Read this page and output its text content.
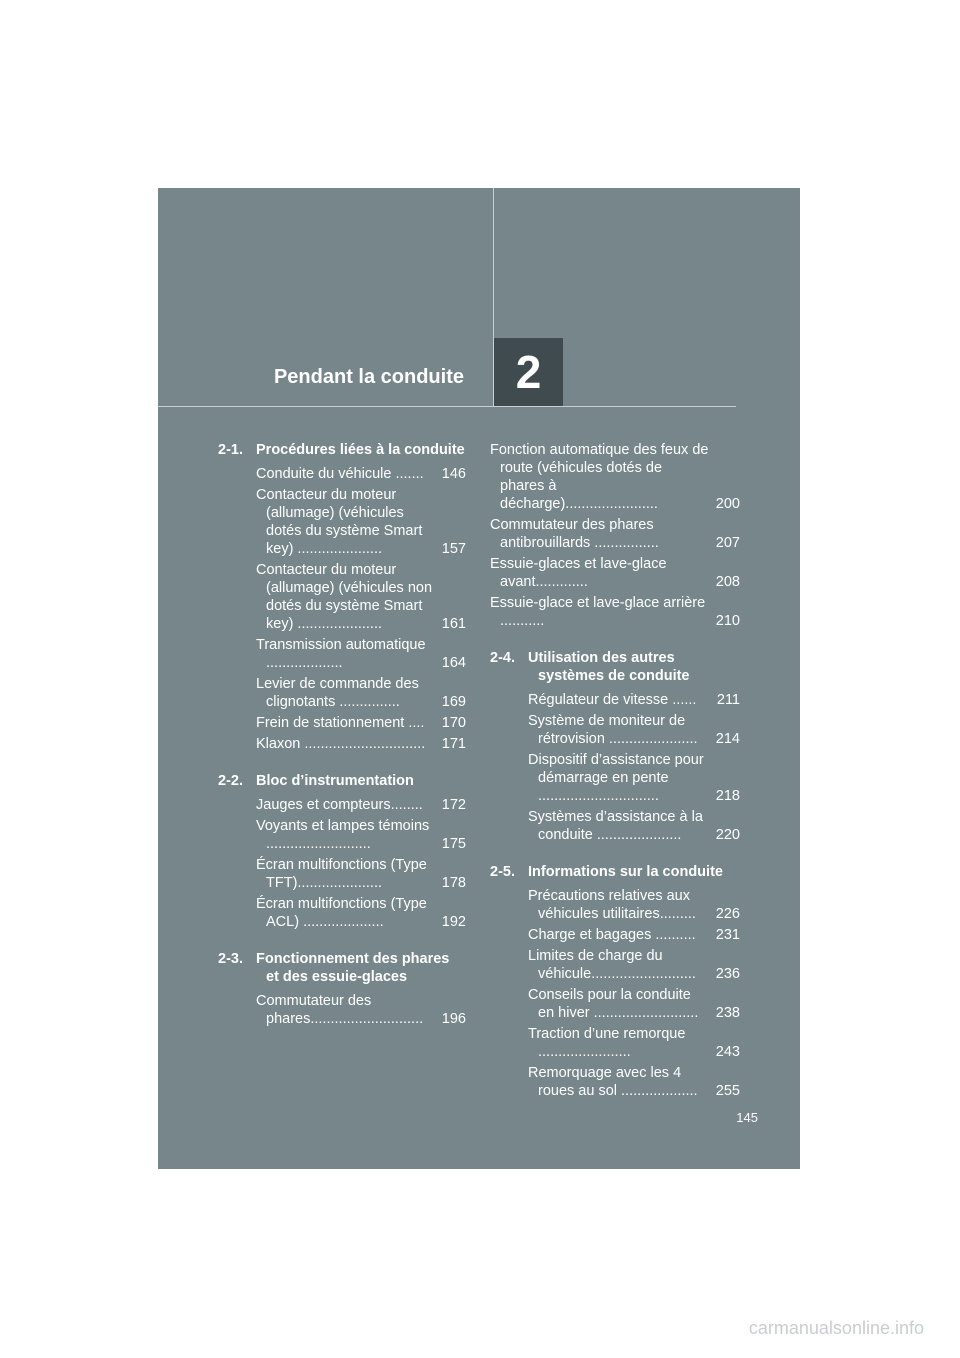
Pendant la conduite 2
2-1. Procédures liées à la conduite
Conduite du véhicule .......	146
Contacteur du moteur (allumage) (véhicules dotés du système Smart key) .....................	157
Contacteur du moteur (allumage) (véhicules non dotés du système Smart key) .....................	161
Transmission automatique ...................	164
Levier de commande des clignotants ...............	169
Frein de stationnement ....	170
Klaxon ..............................	171
2-2. Bloc d’instrumentation
Jauges et compteurs........	172
Voyants et lampes témoins ..........................	175
Écran multifonctions (Type TFT).....................	178
Écran multifonctions (Type ACL) ....................	192
2-3. Fonctionnement des phares et des essuie-glaces
Commutateur des phares............................	196
Fonction automatique des feux de route (véhicules dotés de phares à décharge).......................	200
Commutateur des phares antibrouillards ................	207
Essuie-glaces et lave-glace avant.............	208
Essuie-glace et lave-glace arrière ...........	210
2-4. Utilisation des autres systèmes de conduite
Régulateur de vitesse ......	211
Système de moniteur de rétrovision ......................	214
Dispositif d’assistance pour démarrage en pente ..............................	218
Systèmes d’assistance à la conduite .....................	220
2-5. Informations sur la conduite
Précautions relatives aux véhicules utilitaires.........	226
Charge et bagages ..........	231
Limites de charge du véhicule..........................	236
Conseils pour la conduite en hiver ..........................	238
Traction d’une remorque .......................	243
Remorquage avec les 4 roues au sol ...................	255
145
carmanualsonline.info
